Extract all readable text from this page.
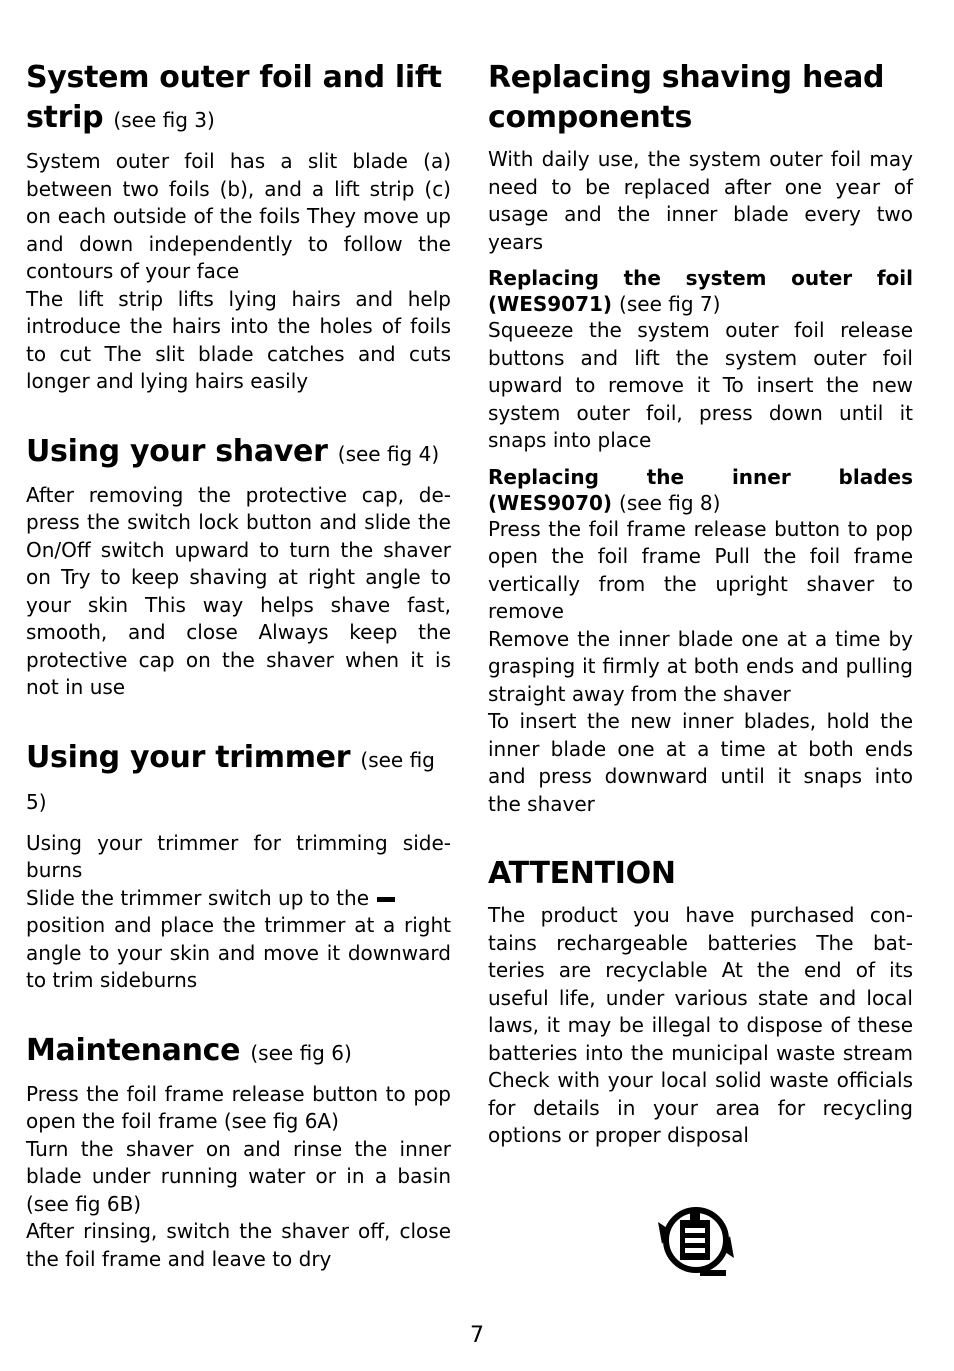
System outer foil and lift strip (see fig 3)

System outer foil has a slit blade (a) between two foils (b), and a lift strip (c) on each outside of the foils They move up and down independently to follow the contours of your face

The lift strip lifts lying hairs and help introduce the hairs into the holes of foils to cut The slit blade catches and cuts longer and lying hairs easily

Using your shaver (see fig 4)

After removing the protective cap, de-press the switch lock button and slide the On/Off switch upward to turn the shaver on Try to keep shaving at right angle to your skin This way helps shave fast, smooth, and close Always keep the protective cap on the shaver when it is not in use

Using your trimmer (see fig 5)

Using your trimmer for trimming side-burns

Slide the trimmer switch up to the

position and place the trimmer at a right angle to your skin and move it downward to trim sideburns

Maintenance (see fig 6)

Press the foil frame release button to pop open the foil frame (see fig 6A)

Turn the shaver on and rinse the inner blade under running water or in a basin (see fig 6B)

After rinsing, switch the shaver off, close the foil frame and leave to dry

Replacing shaving head components

With daily use, the system outer foil may need to be replaced after one year of usage and the inner blade every two years

Replacing the system outer foil (WES9071) (see fig 7)

Squeeze the system outer foil release buttons and lift the system outer foil upward to remove it To insert the new system outer foil, press down until it snaps into place

Replacing the inner blades (WES9070) (see fig 8)

Press the foil frame release button to pop open the foil frame Pull the foil frame vertically from the upright shaver to remove

Remove the inner blade one at a time by grasping it firmly at both ends and pulling straight away from the shaver

To insert the new inner blades, hold the inner blade one at a time at both ends and press downward until it snaps into the shaver

ATTENTION

The product you have purchased con-tains rechargeable batteries The bat-teries are recyclable At the end of its useful life, under various state and local laws, it may be illegal to dispose of these batteries into the municipal waste stream Check with your local solid waste officials for details in your area for recycling options or proper disposal

7
